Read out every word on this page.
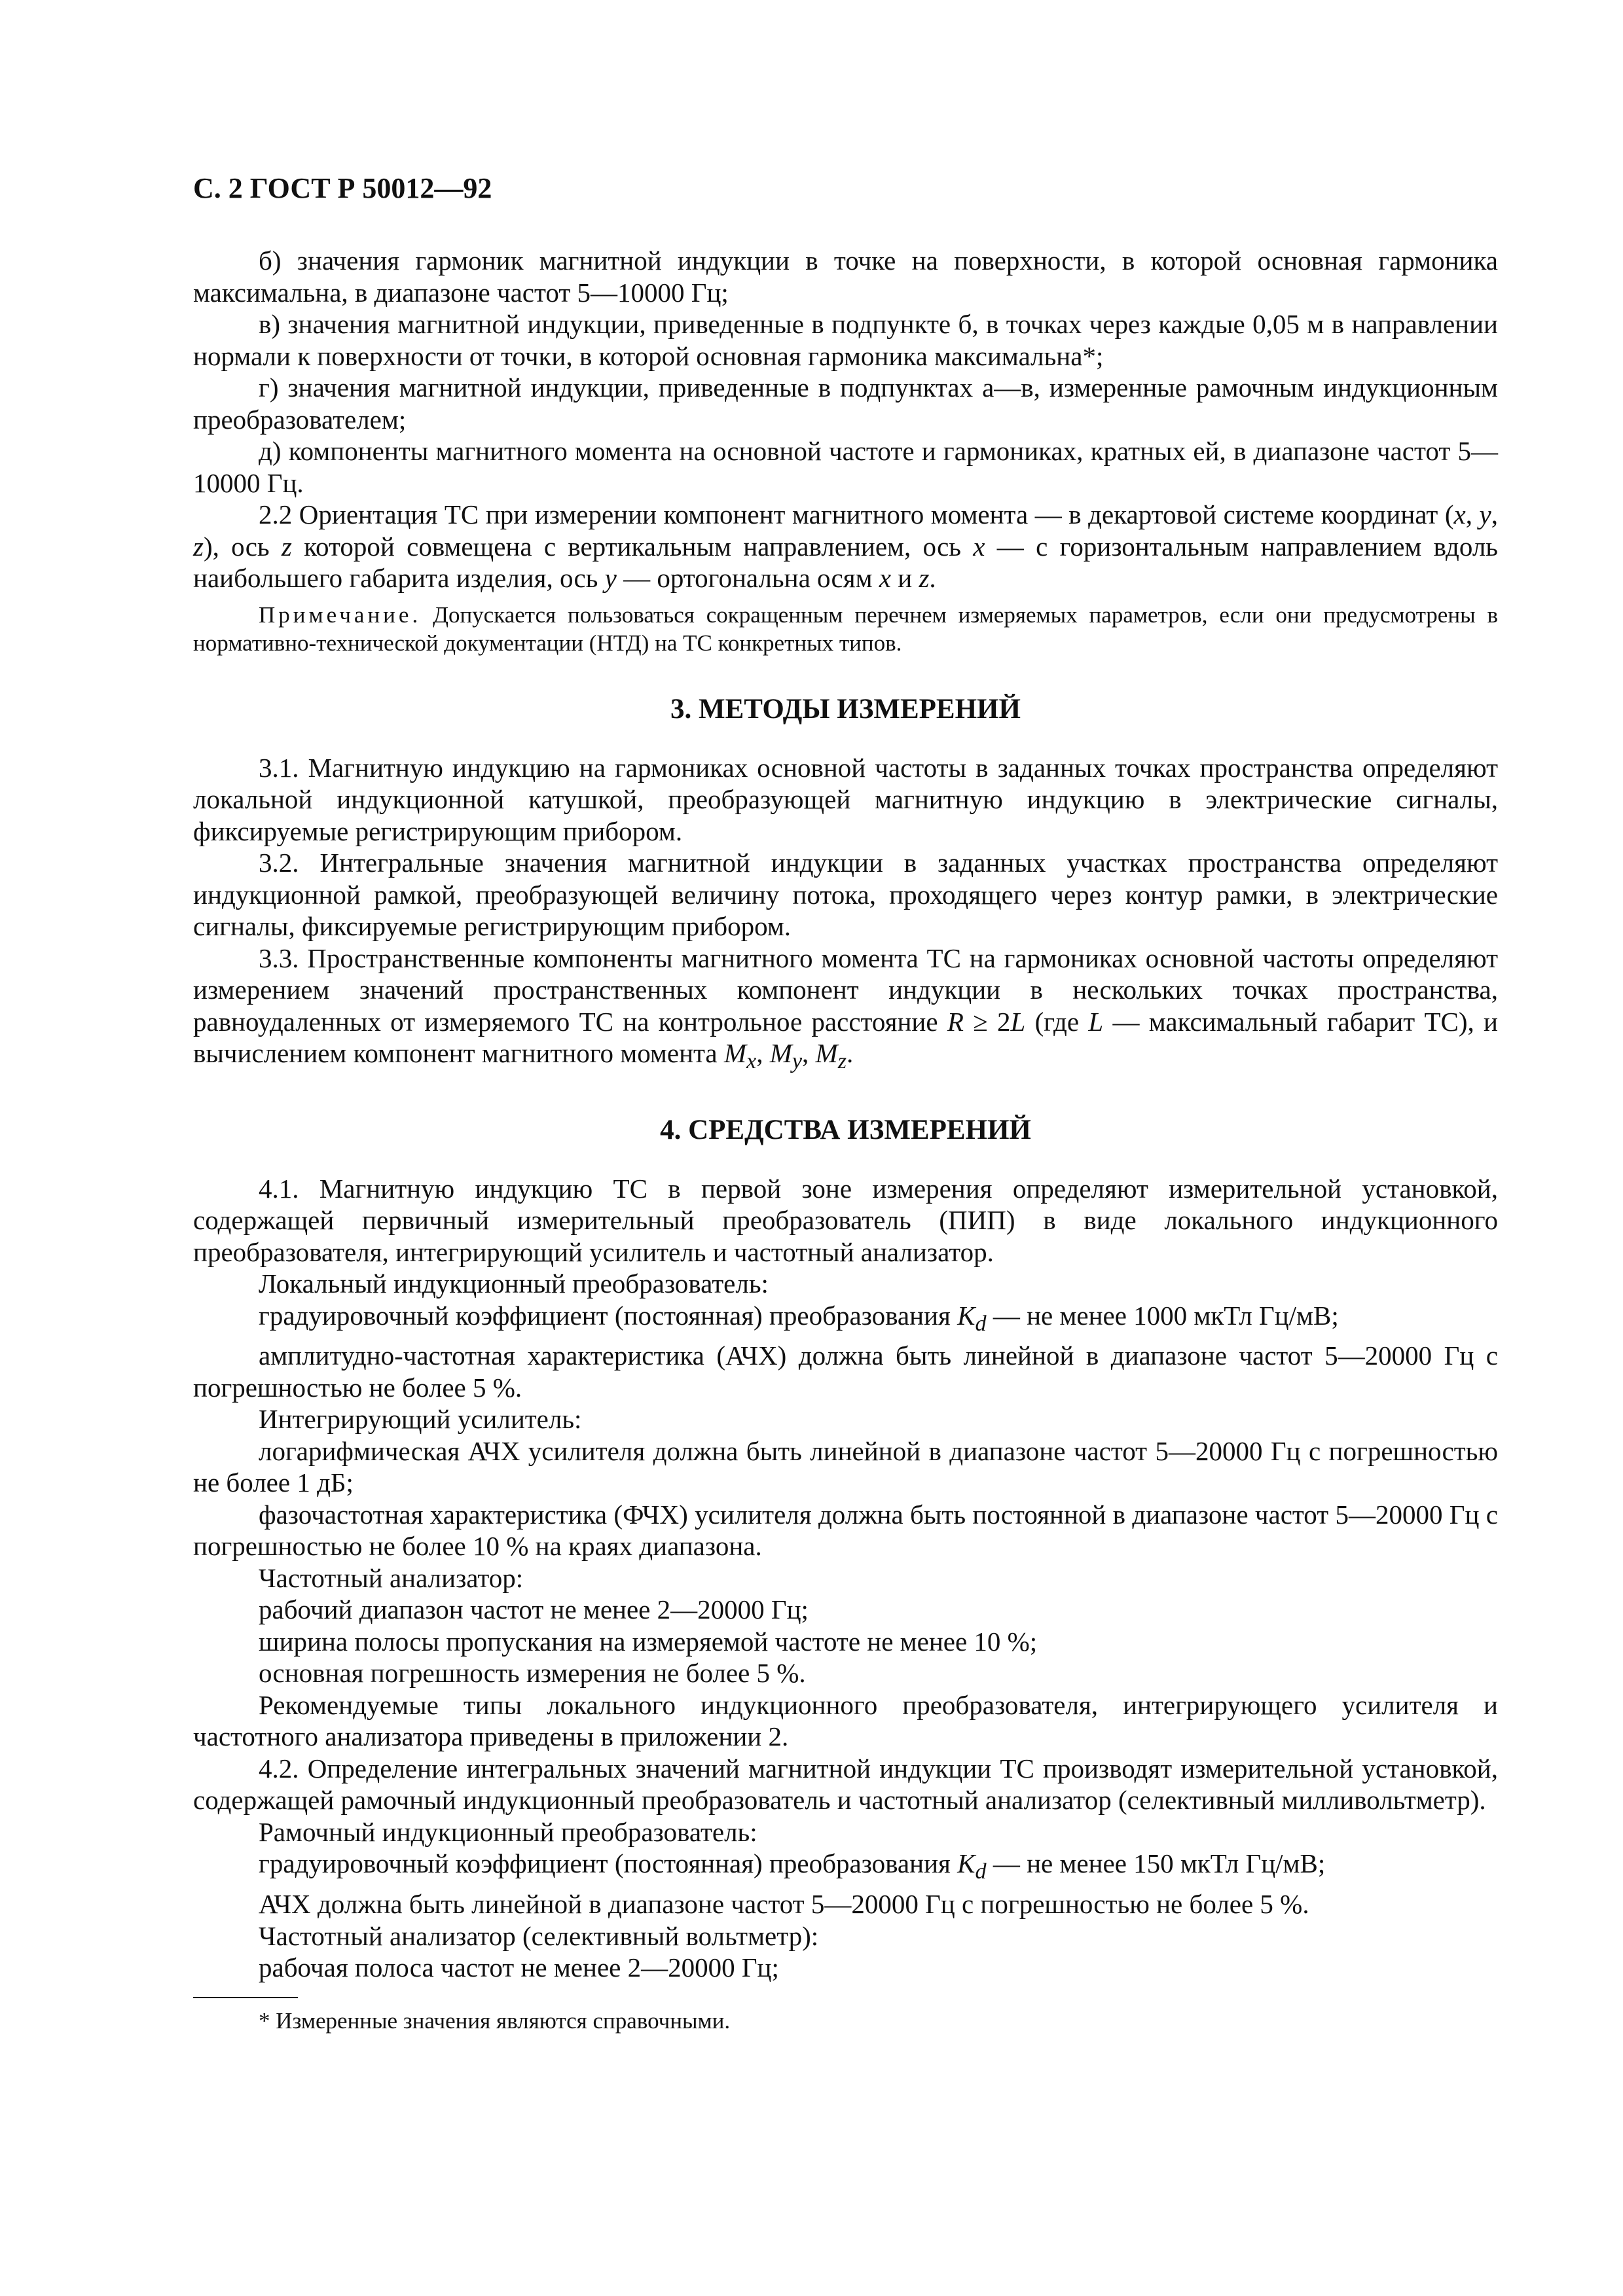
С. 2 ГОСТ Р 50012—92

б) значения гармоник магнитной индукции в точке на поверхности, в которой основная гармоника максимальна, в диапазоне частот 5—10000 Гц;

в) значения магнитной индукции, приведенные в подпункте б, в точках через каждые 0,05 м в направлении нормали к поверхности от точки, в которой основная гармоника максимальна*;

г) значения магнитной индукции, приведенные в подпунктах а—в, измеренные рамочным индукционным преобразователем;

д) компоненты магнитного момента на основной частоте и гармониках, кратных ей, в диапазоне частот 5—10000 Гц.

2.2 Ориентация ТС при измерении компонент магнитного момента — в декартовой системе координат (x, y, z), ось z которой совмещена с вертикальным направлением, ось x — с горизонтальным направлением вдоль наибольшего габарита изделия, ось y — ортогональна осям x и z.

Примечание. Допускается пользоваться сокращенным перечнем измеряемых параметров, если они предусмотрены в нормативно-технической документации (НТД) на ТС конкретных типов.

3. МЕТОДЫ ИЗМЕРЕНИЙ

3.1. Магнитную индукцию на гармониках основной частоты в заданных точках пространства определяют локальной индукционной катушкой, преобразующей магнитную индукцию в электрические сигналы, фиксируемые регистрирующим прибором.

3.2. Интегральные значения магнитной индукции в заданных участках пространства определяют индукционной рамкой, преобразующей величину потока, проходящего через контур рамки, в электрические сигналы, фиксируемые регистрирующим прибором.

3.3. Пространственные компоненты магнитного момента ТС на гармониках основной частоты определяют измерением значений пространственных компонент индукции в нескольких точках пространства, равноудаленных от измеряемого ТС на контрольное расстояние R ≥ 2L (где L — максимальный габарит ТС), и вычислением компонент магнитного момента $M_x$, $M_y$, $M_z$.

4. СРЕДСТВА ИЗМЕРЕНИЙ

4.1. Магнитную индукцию ТС в первой зоне измерения определяют измерительной установкой, содержащей первичный измерительный преобразователь (ПИП) в виде локального индукционного преобразователя, интегрирующий усилитель и частотный анализатор.

Локальный индукционный преобразователь:

градуировочный коэффициент (постоянная) преобразования $K_d$ — не менее 1000 мкТл Гц/мВ;

амплитудно-частотная характеристика (АЧХ) должна быть линейной в диапазоне частот 5—20000 Гц с погрешностью не более 5 %.

Интегрирующий усилитель:

логарифмическая АЧХ усилителя должна быть линейной в диапазоне частот 5—20000 Гц с погрешностью не более 1 дБ;

фазочастотная характеристика (ФЧХ) усилителя должна быть постоянной в диапазоне частот 5—20000 Гц с погрешностью не более 10 % на краях диапазона.

Частотный анализатор:

рабочий диапазон частот не менее 2—20000 Гц;

ширина полосы пропускания на измеряемой частоте не менее 10 %;

основная погрешность измерения не более 5 %.

Рекомендуемые типы локального индукционного преобразователя, интегрирующего усилителя и частотного анализатора приведены в приложении 2.

4.2. Определение интегральных значений магнитной индукции ТС производят измерительной установкой, содержащей рамочный индукционный преобразователь и частотный анализатор (селективный милливольтметр).

Рамочный индукционный преобразователь:

градуировочный коэффициент (постоянная) преобразования $K_d$ — не менее 150 мкТл Гц/мВ;

АЧХ должна быть линейной в диапазоне частот 5—20000 Гц с погрешностью не более 5 %.

Частотный анализатор (селективный вольтметр):

рабочая полоса частот не менее 2—20000 Гц;

* Измеренные значения являются справочными.
